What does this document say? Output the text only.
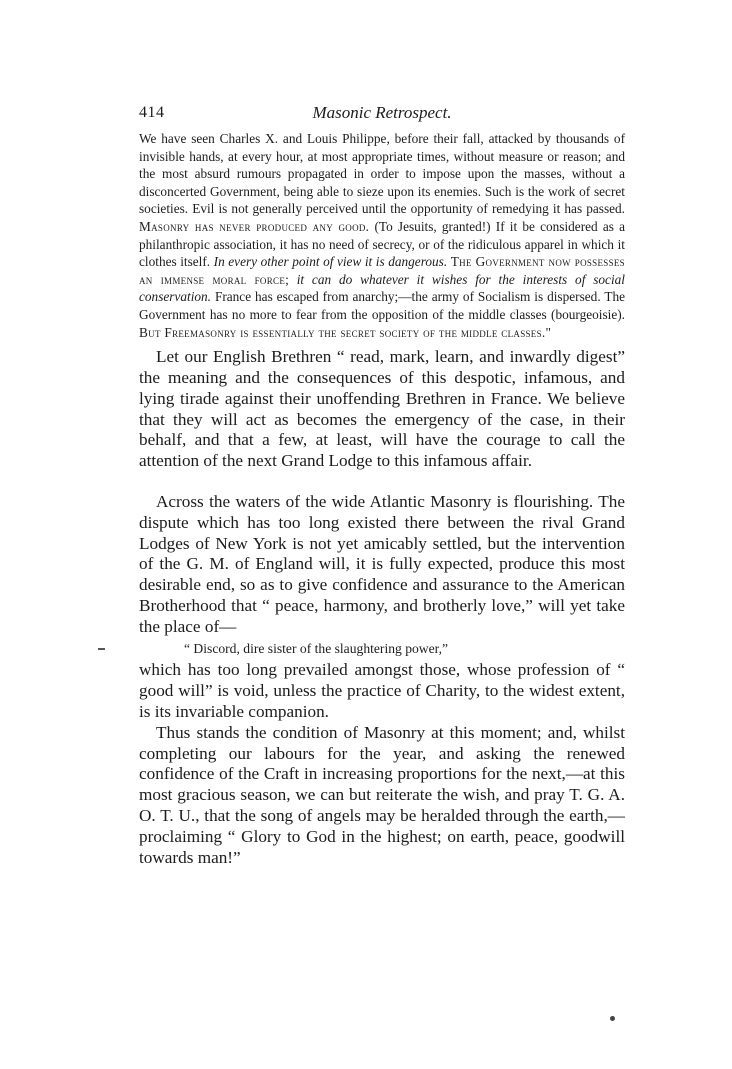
414	Masonic Retrospect.

We have seen Charles X. and Louis Philippe, before their fall, attacked by thousands of invisible hands, at every hour, at most appropriate times, without measure or reason; and the most absurd rumours propagated in order to impose upon the masses, without a disconcerted Government, being able to sieze upon its enemies. Such is the work of secret societies. Evil is not generally perceived until the opportunity of remedying it has passed. Masonry has never produced any good. (To Jesuits, granted!) If it be considered as a philanthropic association, it has no need of secrecy, or of the ridiculous apparel in which it clothes itself. In every other point of view it is dangerous. The Government now possesses an immense moral force; it can do whatever it wishes for the interests of social conservation. France has escaped from anarchy;—the army of Socialism is dispersed. The Government has no more to fear from the opposition of the middle classes (bourgeoisie). But Freemasonry is essentially the secret society of the middle classes."

Let our English Brethren “ read, mark, learn, and inwardly digest” the meaning and the consequences of this despotic, infamous, and lying tirade against their unoffending Brethren in France. We believe that they will act as becomes the emergency of the case, in their behalf, and that a few, at least, will have the courage to call the attention of the next Grand Lodge to this infamous affair.

Across the waters of the wide Atlantic Masonry is flourishing. The dispute which has too long existed there between the rival Grand Lodges of New York is not yet amicably settled, but the intervention of the G. M. of England will, it is fully expected, produce this most desirable end, so as to give confidence and assurance to the American Brotherhood that “ peace, harmony, and brotherly love,” will yet take the place of—

“ Discord, dire sister of the slaughtering power,”

which has too long prevailed amongst those, whose profession of “ good will” is void, unless the practice of Charity, to the widest extent, is its invariable companion.

Thus stands the condition of Masonry at this moment; and, whilst completing our labours for the year, and asking the renewed confidence of the Craft in increasing proportions for the next,—at this most gracious season, we can but reiterate the wish, and pray T. G. A. O. T. U., that the song of angels may be heralded through the earth,—proclaiming “ Glory to God in the highest; on earth, peace, goodwill towards man!”
